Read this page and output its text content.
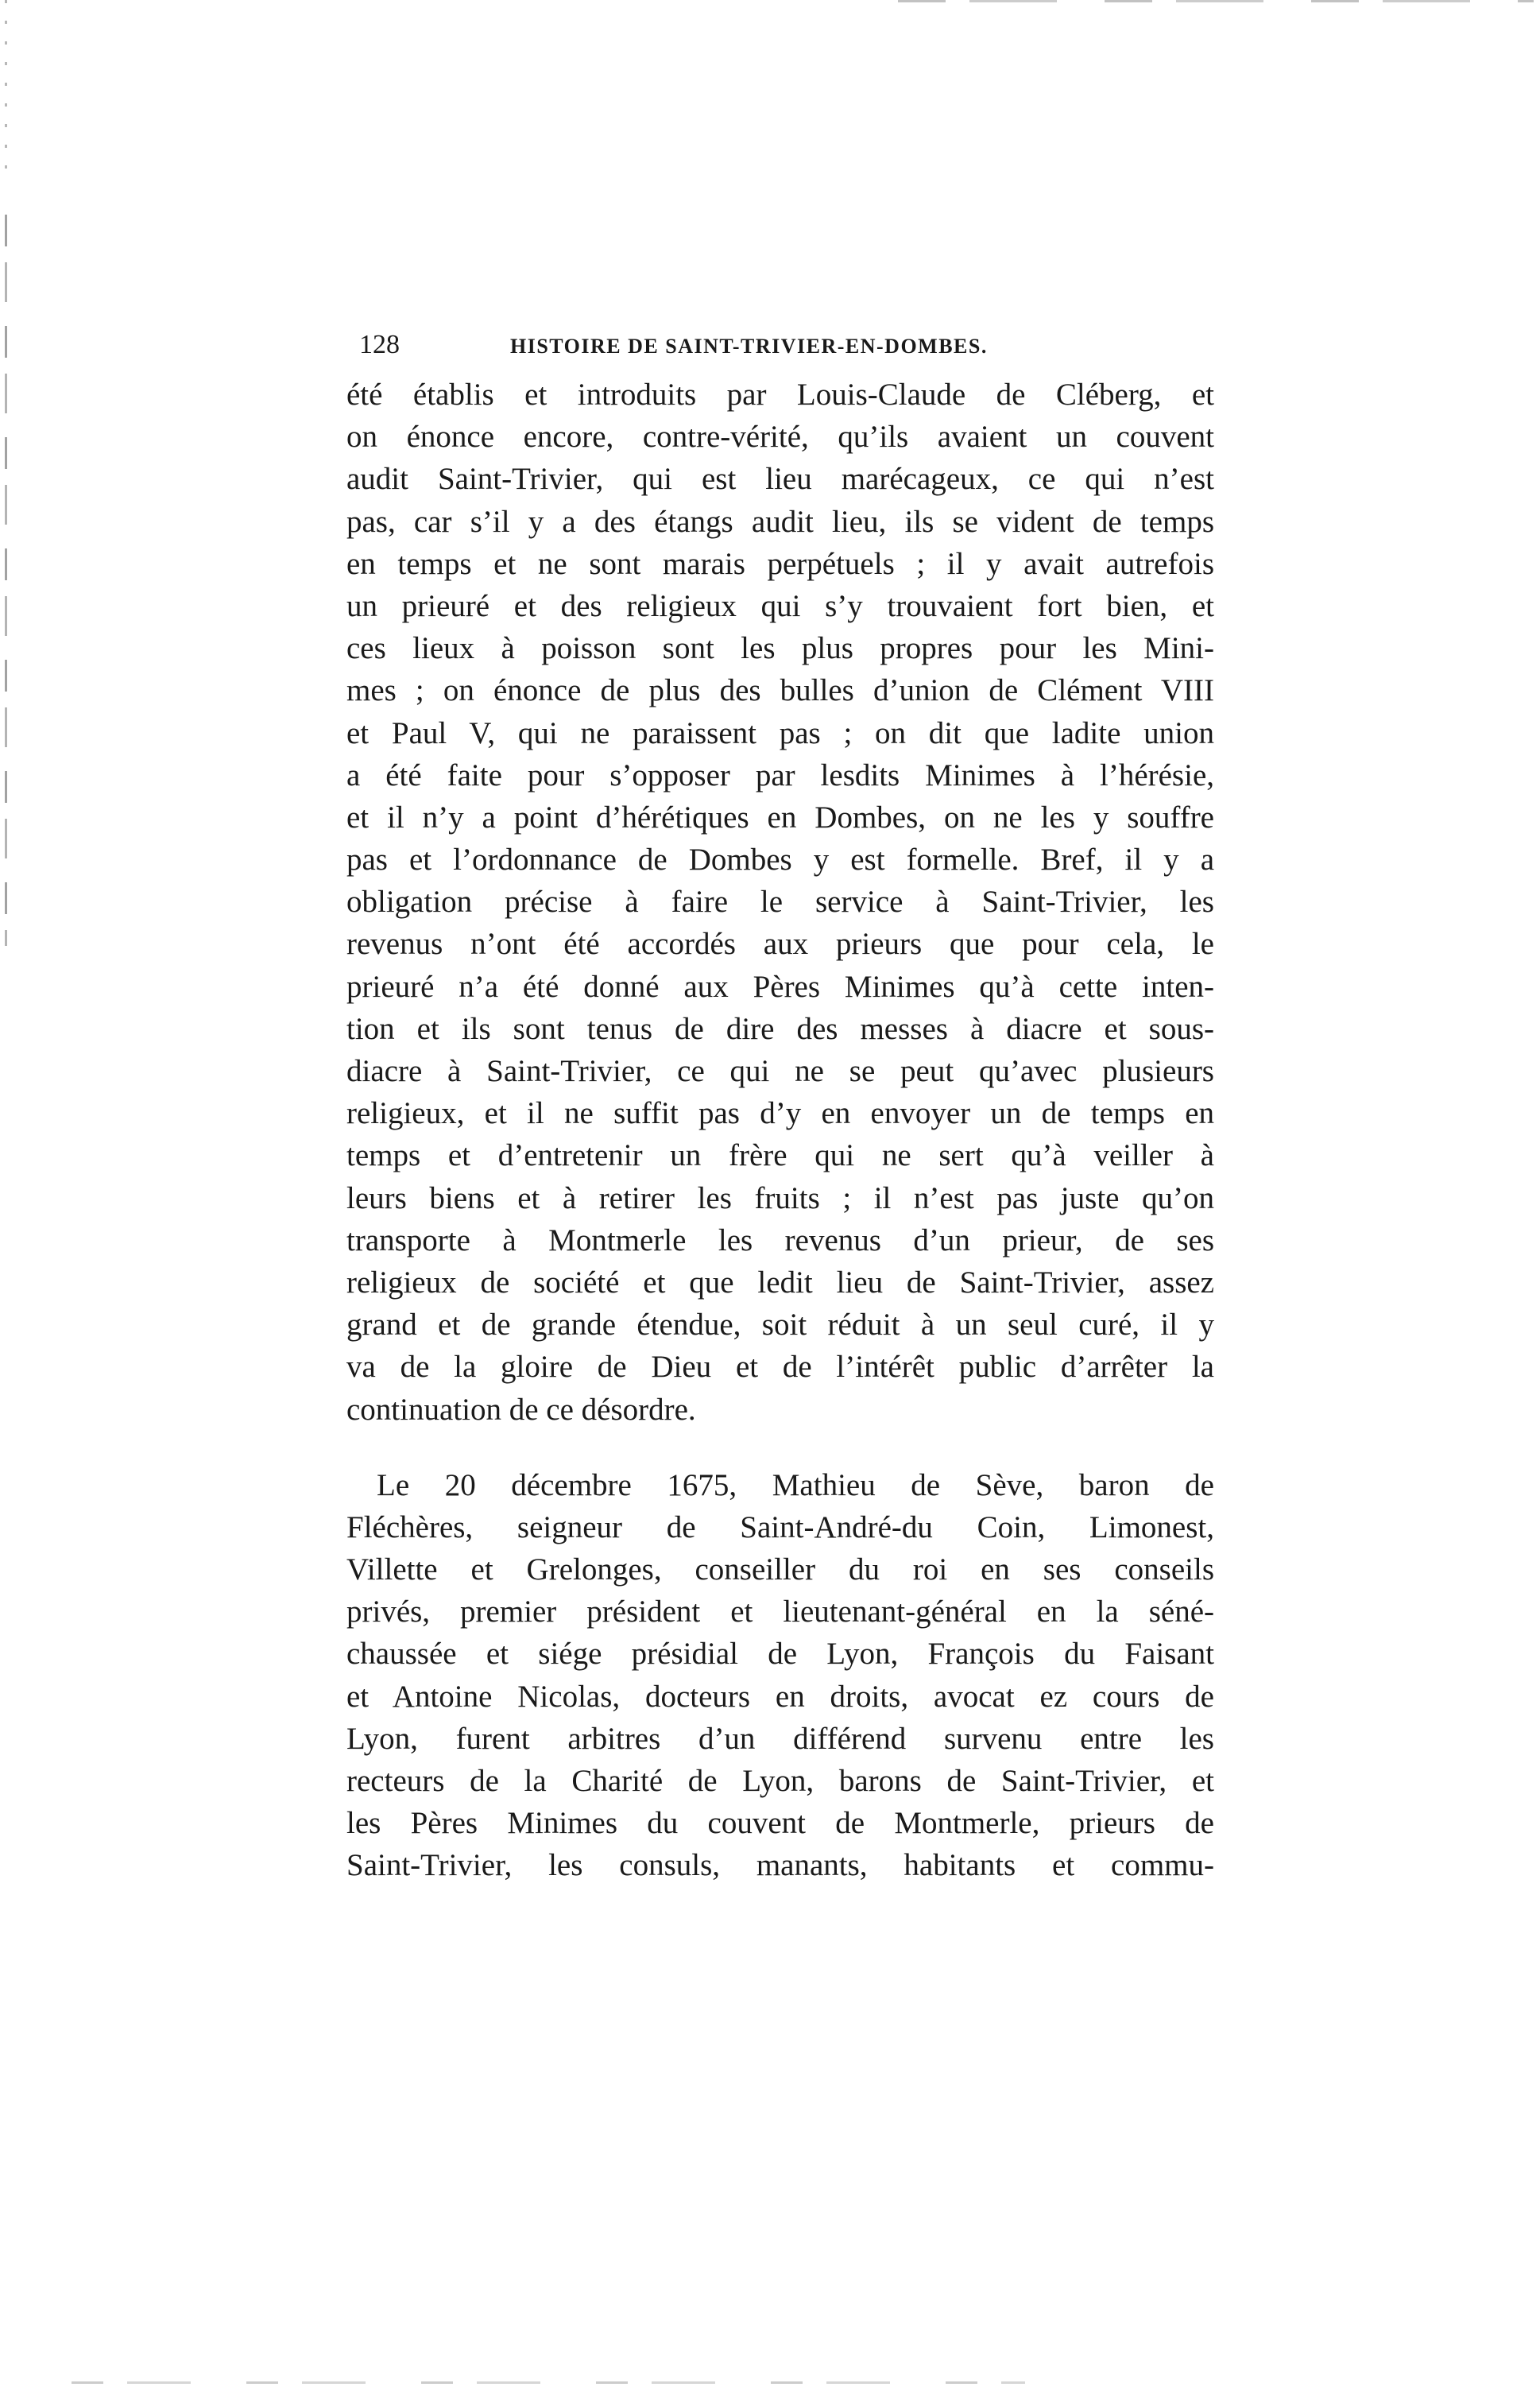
128	HISTOIRE DE SAINT-TRIVIER-EN-DOMBES.
été établis et introduits par Louis-Claude de Cléberg, et
on énonce encore, contre-vérité, qu’ils avaient un couvent
audit Saint-Trivier, qui est lieu marécageux, ce qui n’est
pas, car s’il y a des étangs audit lieu, ils se vident de temps
en temps et ne sont marais perpétuels ; il y avait autrefois
un prieuré et des religieux qui s’y trouvaient fort bien, et
ces lieux à poisson sont les plus propres pour les Mini-
mes ; on énonce de plus des bulles d’union de Clément VIII
et Paul V, qui ne paraissent pas ; on dit que ladite union
a été faite pour s’opposer par lesdits Minimes à l’hérésie,
et il n’y a point d’hérétiques en Dombes, on ne les y souffre
pas et l’ordonnance de Dombes y est formelle. Bref, il y a
obligation précise à faire le service à Saint-Trivier, les
revenus n’ont été accordés aux prieurs que pour cela, le
prieuré n’a été donné aux Pères Minimes qu’à cette inten-
tion et ils sont tenus de dire des messes à diacre et sous-
diacre à Saint-Trivier, ce qui ne se peut qu’avec plusieurs
religieux, et il ne suffit pas d’y en envoyer un de temps en
temps et d’entretenir un frère qui ne sert qu’à veiller à
leurs biens et à retirer les fruits ; il n’est pas juste qu’on
transporte à Montmerle les revenus d’un prieur, de ses
religieux de société et que ledit lieu de Saint-Trivier, assez
grand et de grande étendue, soit réduit à un seul curé, il y
va de la gloire de Dieu et de l’intérêt public d’arrêter la
continuation de ce désordre.
Le 20 décembre 1675, Mathieu de Sève, baron de
Fléchères, seigneur de Saint-André-du Coin, Limonest,
Villette et Grelonges, conseiller du roi en ses conseils
privés, premier président et lieutenant-général en la séné-
chaussée et siége présidial de Lyon, François du Faisant
et Antoine Nicolas, docteurs en droits, avocat ez cours de
Lyon, furent arbitres d’un différend survenu entre les
recteurs de la Charité de Lyon, barons de Saint-Trivier, et
les Pères Minimes du couvent de Montmerle, prieurs de
Saint-Trivier, les consuls, manants, habitants et commu-
